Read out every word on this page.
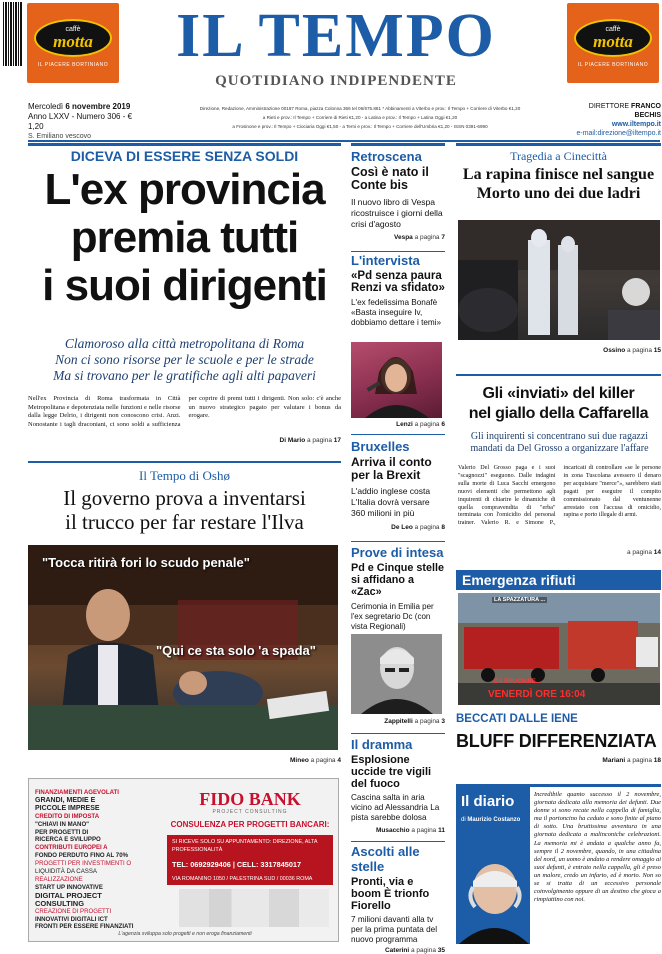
caffè
motta
IL PIACERE BORTINIANO
caffè
motta
IL PIACERE BORTINIANO
IL TEMPO
QUOTIDIANO INDIPENDENTE
Mercoledì 6 novembre 2019
Anno LXXV - Numero 306 - € 1,20
S. Emiliano vescovo
Direzione, Redazione, Amministrazione 00187 Roma, piazza Colonna 366 tel 06/675.881 * Abbinamenti a Viterbo e prov.: Il Tempo + Corriere di Viterbo €1,20
a Rieti e prov.: Il Tempo + Corriere di Rieti €1,20 - a Latina e prov.: Il Tempo + Latina Oggi €1,20
a Frosinone e prov.: Il Tempo + Ciociaria Oggi €1,50 - a Terni e prov.: Il Tempo + Corriere dell'Umbria €1,20 - ISSN 0391-6990
DIRETTORE FRANCO BECHIS
www.iltempo.it
e-mail:direzione@iltempo.it
DICEVA DI ESSERE SENZA SOLDI
L'ex provincia
premia tutti
i suoi dirigenti
Clamoroso alla città metropolitana di Roma
Non ci sono risorse per le scuole e per le strade
Ma si trovano per le gratifiche agli alti papaveri
Nell'ex Provincia di Roma trasformata in Città Metropolitana e depotenziata nelle funzioni e nelle risorse dalla legge Delrio, i dirigenti non conoscono crisi. Anzi. Nonostante i tagli draconiani, ci sono soldi a sufficienza per coprire di premi tutti i dirigenti. Non solo: c'è anche un nuovo strategico pagato per valutare i bonus da erogare.
Di Mario a pagina 17
Il Tempo di Oshø
Il governo prova a inventarsi
il trucco per far restare l'Ilva
"Tocca ritirà fori lo scudo penale"
"Qui ce sta solo 'a spada"
Mineo a pagina 4
FINANZIAMENTI AGEVOLATI
GRANDI, MEDIE E
PICCOLE IMPRESE
CREDITO DI IMPOSTA
"CHIAVI IN MANO"
PER PROGETTI DI
RICERCA E SVILUPPO
CONTRIBUTI EUROPEI A
FONDO PERDUTO FINO AL 70%
PROGETTI PER INVESTIMENTI O
LIQUIDITÀ DA CASSA
REALIZZAZIONE
START UP INNOVATIVE
DIGITAL PROJECT
CONSULTING
CREAZIONE DI PROGETTI
INNOVATIVI DIGITALI ICT
FRONTI PER ESSERE FINANZIATI
FIDO BANK
PROJECT CONSULTING
CONSULENZA PER PROGETTI BANCARI:
SI RICEVE SOLO SU APPUNTAMENTO: DIREZIONE, ALTA PROFESSIONALITÀ
TEL: 0692929406 | CELL: 3317845017
VIA ROMANINO 1050 / PALESTRINA SUD / 00036 ROMA
L'agenzia sviluppa solo progetti e non eroga finanziamenti
Retroscena
Così è nato il Conte bis
Il nuovo libro di Vespa ricostruisce i giorni della crisi d'agosto
Vespa a pagina 7
L'intervista
«Pd senza paura Renzi va sfidato»
L'ex fedelissima Bonafè «Basta inseguire Iv, dobbiamo dettare i temi»
Lenzi a pagina 6
Bruxelles
Arriva il conto per la Brexit
L'addio inglese costa L'Italia dovrà versare 360 milioni in più
De Leo a pagina 8
Prove di intesa
Pd e Cinque stelle si affidano a «Zac»
Cerimonia in Emilia per l'ex segretario Dc (con vista Regionali)
Zappitelli a pagina 3
Il dramma
Esplosione uccide tre vigili del fuoco
Cascina salta in aria vicino ad Alessandria La pista sarebbe dolosa
Musacchio a pagina 11
Ascolti alle stelle
Pronti, via e boom È trionfo Fiorello
7 milioni davanti alla tv per la prima puntata del nuovo programma
Caterini a pagina 35
Tragedia a Cinecittà
La rapina finisce nel sangue
Morto uno dei due ladri
Ossino a pagina 15
Gli «inviati» del killer
nel giallo della Caffarella
Gli inquirenti si concentrano sui due ragazzi mandati da Del Grosso a organizzare l'affare
Valerio Del Grosso paga e i suoi "scagnozzi" eseguono. Dalle indagini sulla morte di Luca Sacchi emergono nuovi elementi che permettono agli inquirenti di chiarire le dinamiche di quella compravendita di "erba" terminata con l'omicidio del personal trainer. Valerio R. e Simone P., incaricati di controllare «se le persone in zona Tuscolana avessero il denaro per acquistare "merce"», sarebbero stati pagati per eseguire il compito commissionato dal ventunenne arrestato con l'accusa di omicidio, rapina e porto illegale di armi.
a pagina 14
Emergenza rifiuti
LA SPAZZATURA ...
DA BRUCIARE...
VENERDÌ ORE 16:04
BECCATI DALLE IENE
BLUFF DIFFERENZIATA
Mariani a pagina 18
Il diario
di Maurizio Costanzo
Incredibile quanto successo il 2 novembre, giornata dedicata alla memoria dei defunti. Due donne si sono recate nella cappella di famiglia, ma il portoncino ha ceduto e sono finite al piano di sotto. Una bruttissima avventura in una giornata dedicata a malinconiche celebrazioni. La memoria mi è andata a qualche anno fa, sempre il 2 novembre, quando, in una cittadina del nord, un uomo è andato a rendere omaggio ai suoi defunti, è entrato nella cappella, gli è preso un malore, credo un infarto, ed è morto. Non so se si tratta di un eccessivo personale coinvolgimento oppure di un destino che gioca a rimpiattino con noi.
